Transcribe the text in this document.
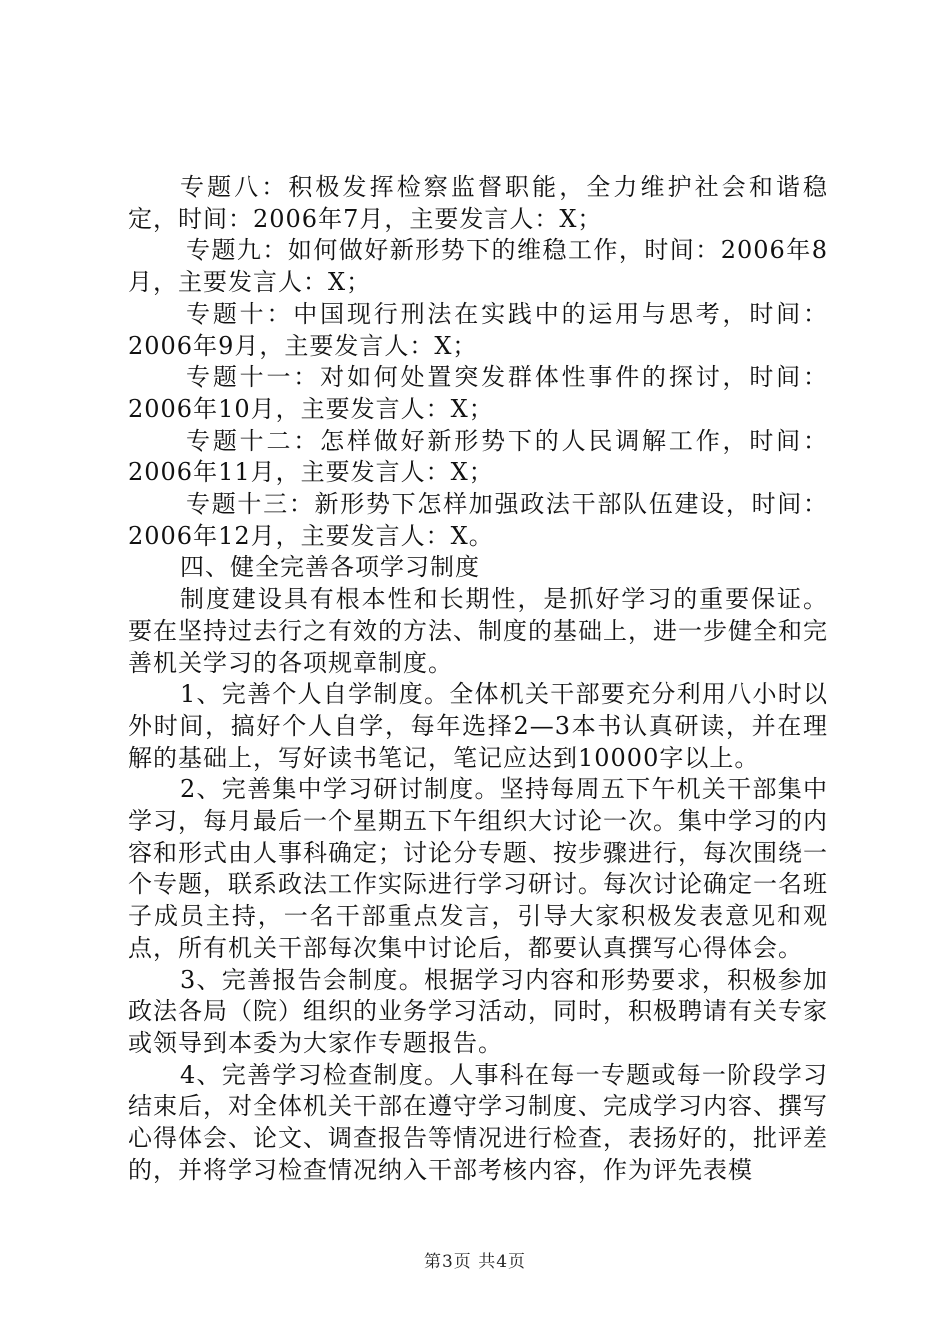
专题八：积极发挥检察监督职能，全力维护社会和谐稳定，时间：2006年7月，主要发言人：X；

专题九：如何做好新形势下的维稳工作，时间：2006年8月，主要发言人：X；

专题十：中国现行刑法在实践中的运用与思考，时间：2006年9月，主要发言人：X；

专题十一：对如何处置突发群体性事件的探讨，时间：2006年10月，主要发言人：X；

专题十二：怎样做好新形势下的人民调解工作，时间：2006年11月，主要发言人：X；

专题十三：新形势下怎样加强政法干部队伍建设，时间：2006年12月，主要发言人：X。

四、健全完善各项学习制度

制度建设具有根本性和长期性，是抓好学习的重要保证。要在坚持过去行之有效的方法、制度的基础上，进一步健全和完善机关学习的各项规章制度。

1、完善个人自学制度。全体机关干部要充分利用八小时以外时间，搞好个人自学，每年选择2—3本书认真研读，并在理解的基础上，写好读书笔记，笔记应达到10000字以上。

2、完善集中学习研讨制度。坚持每周五下午机关干部集中学习，每月最后一个星期五下午组织大讨论一次。集中学习的内容和形式由人事科确定；讨论分专题、按步骤进行，每次围绕一个专题，联系政法工作实际进行学习研讨。每次讨论确定一名班子成员主持，一名干部重点发言，引导大家积极发表意见和观点，所有机关干部每次集中讨论后，都要认真撰写心得体会。

3、完善报告会制度。根据学习内容和形势要求，积极参加政法各局（院）组织的业务学习活动，同时，积极聘请有关专家或领导到本委为大家作专题报告。

4、完善学习检查制度。人事科在每一专题或每一阶段学习结束后，对全体机关干部在遵守学习制度、完成学习内容、撰写心得体会、论文、调查报告等情况进行检查，表扬好的，批评差的，并将学习检查情况纳入干部考核内容，作为评先表模

第3页 共4页
